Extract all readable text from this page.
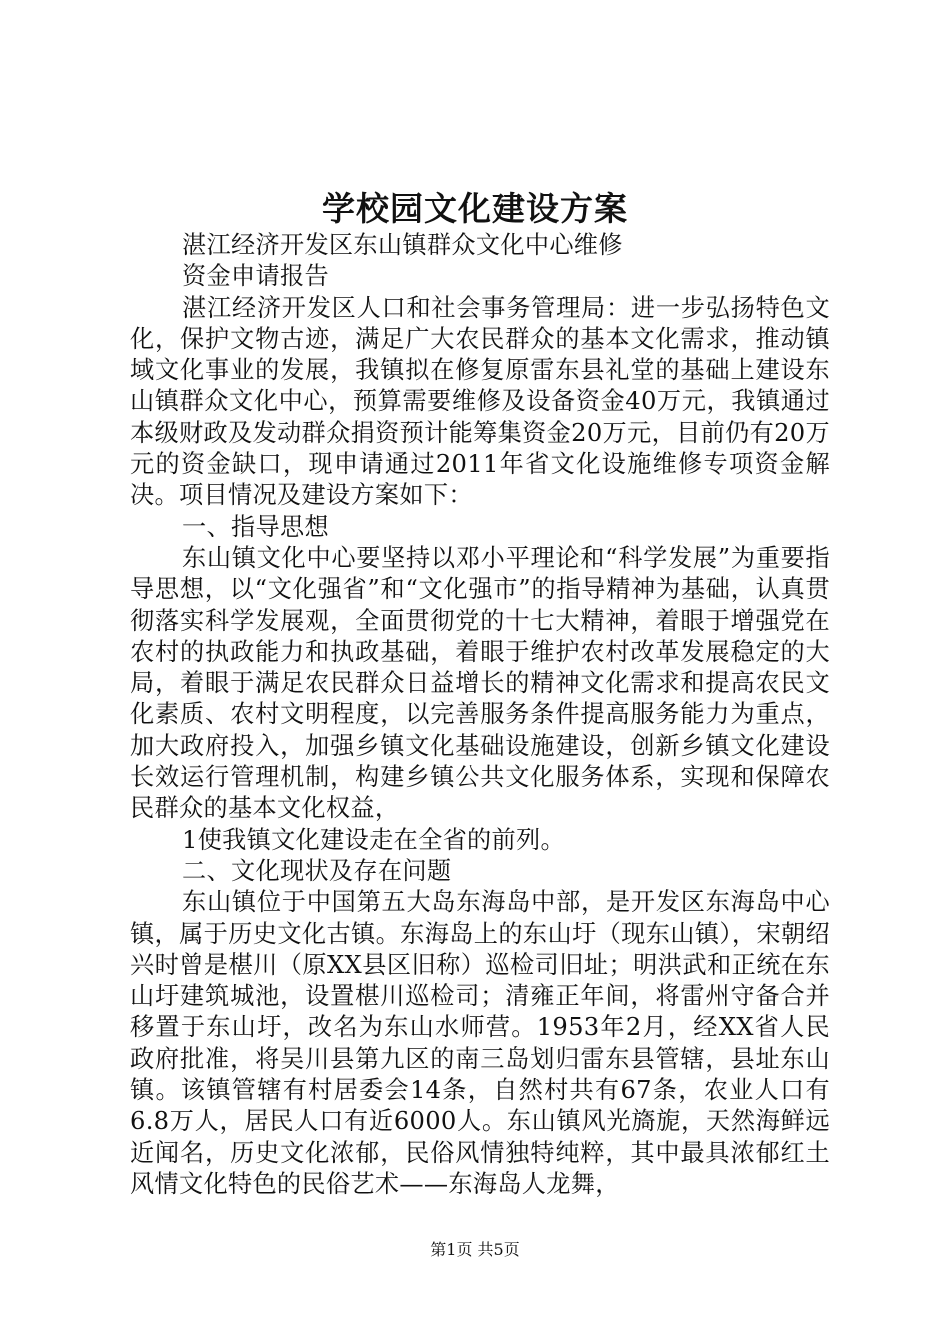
学校园文化建设方案

湛江经济开发区东山镇群众文化中心维修

资金申请报告

湛江经济开发区人口和社会事务管理局：进一步弘扬特色文化，保护文物古迹，满足广大农民群众的基本文化需求，推动镇域文化事业的发展，我镇拟在修复原雷东县礼堂的基础上建设东山镇群众文化中心，预算需要维修及设备资金40万元，我镇通过本级财政及发动群众捐资预计能筹集资金20万元，目前仍有20万元的资金缺口，现申请通过2011年省文化设施维修专项资金解决。项目情况及建设方案如下：

一、指导思想

东山镇文化中心要坚持以邓小平理论和“科学发展”为重要指导思想，以“文化强省”和“文化强市”的指导精神为基础，认真贯彻落实科学发展观，全面贯彻党的十七大精神，着眼于增强党在农村的执政能力和执政基础，着眼于维护农村改革发展稳定的大局，着眼于满足农民群众日益增长的精神文化需求和提高农民文化素质、农村文明程度，以完善服务条件提高服务能力为重点，加大政府投入，加强乡镇文化基础设施建设，创新乡镇文化建设长效运行管理机制，构建乡镇公共文化服务体系，实现和保障农民群众的基本文化权益，

1使我镇文化建设走在全省的前列。

二、文化现状及存在问题

东山镇位于中国第五大岛东海岛中部，是开发区东海岛中心镇，属于历史文化古镇。东海岛上的东山圩（现东山镇），宋朝绍兴时曾是椹川（原XX县区旧称）巡检司旧址；明洪武和正统在东山圩建筑城池，设置椹川巡检司；清雍正年间，将雷州守备合并移置于东山圩，改名为东山水师营。1953年2月，经XX省人民政府批准，将吴川县第九区的南三岛划归雷东县管辖，县址东山镇。该镇管辖有村居委会14条，自然村共有67条，农业人口有6.8万人，居民人口有近6000人。东山镇风光旖旎，天然海鲜远近闻名，历史文化浓郁，民俗风情独特纯粹，其中最具浓郁红土风情文化特色的民俗艺术——东海岛人龙舞，

第1页 共5页
